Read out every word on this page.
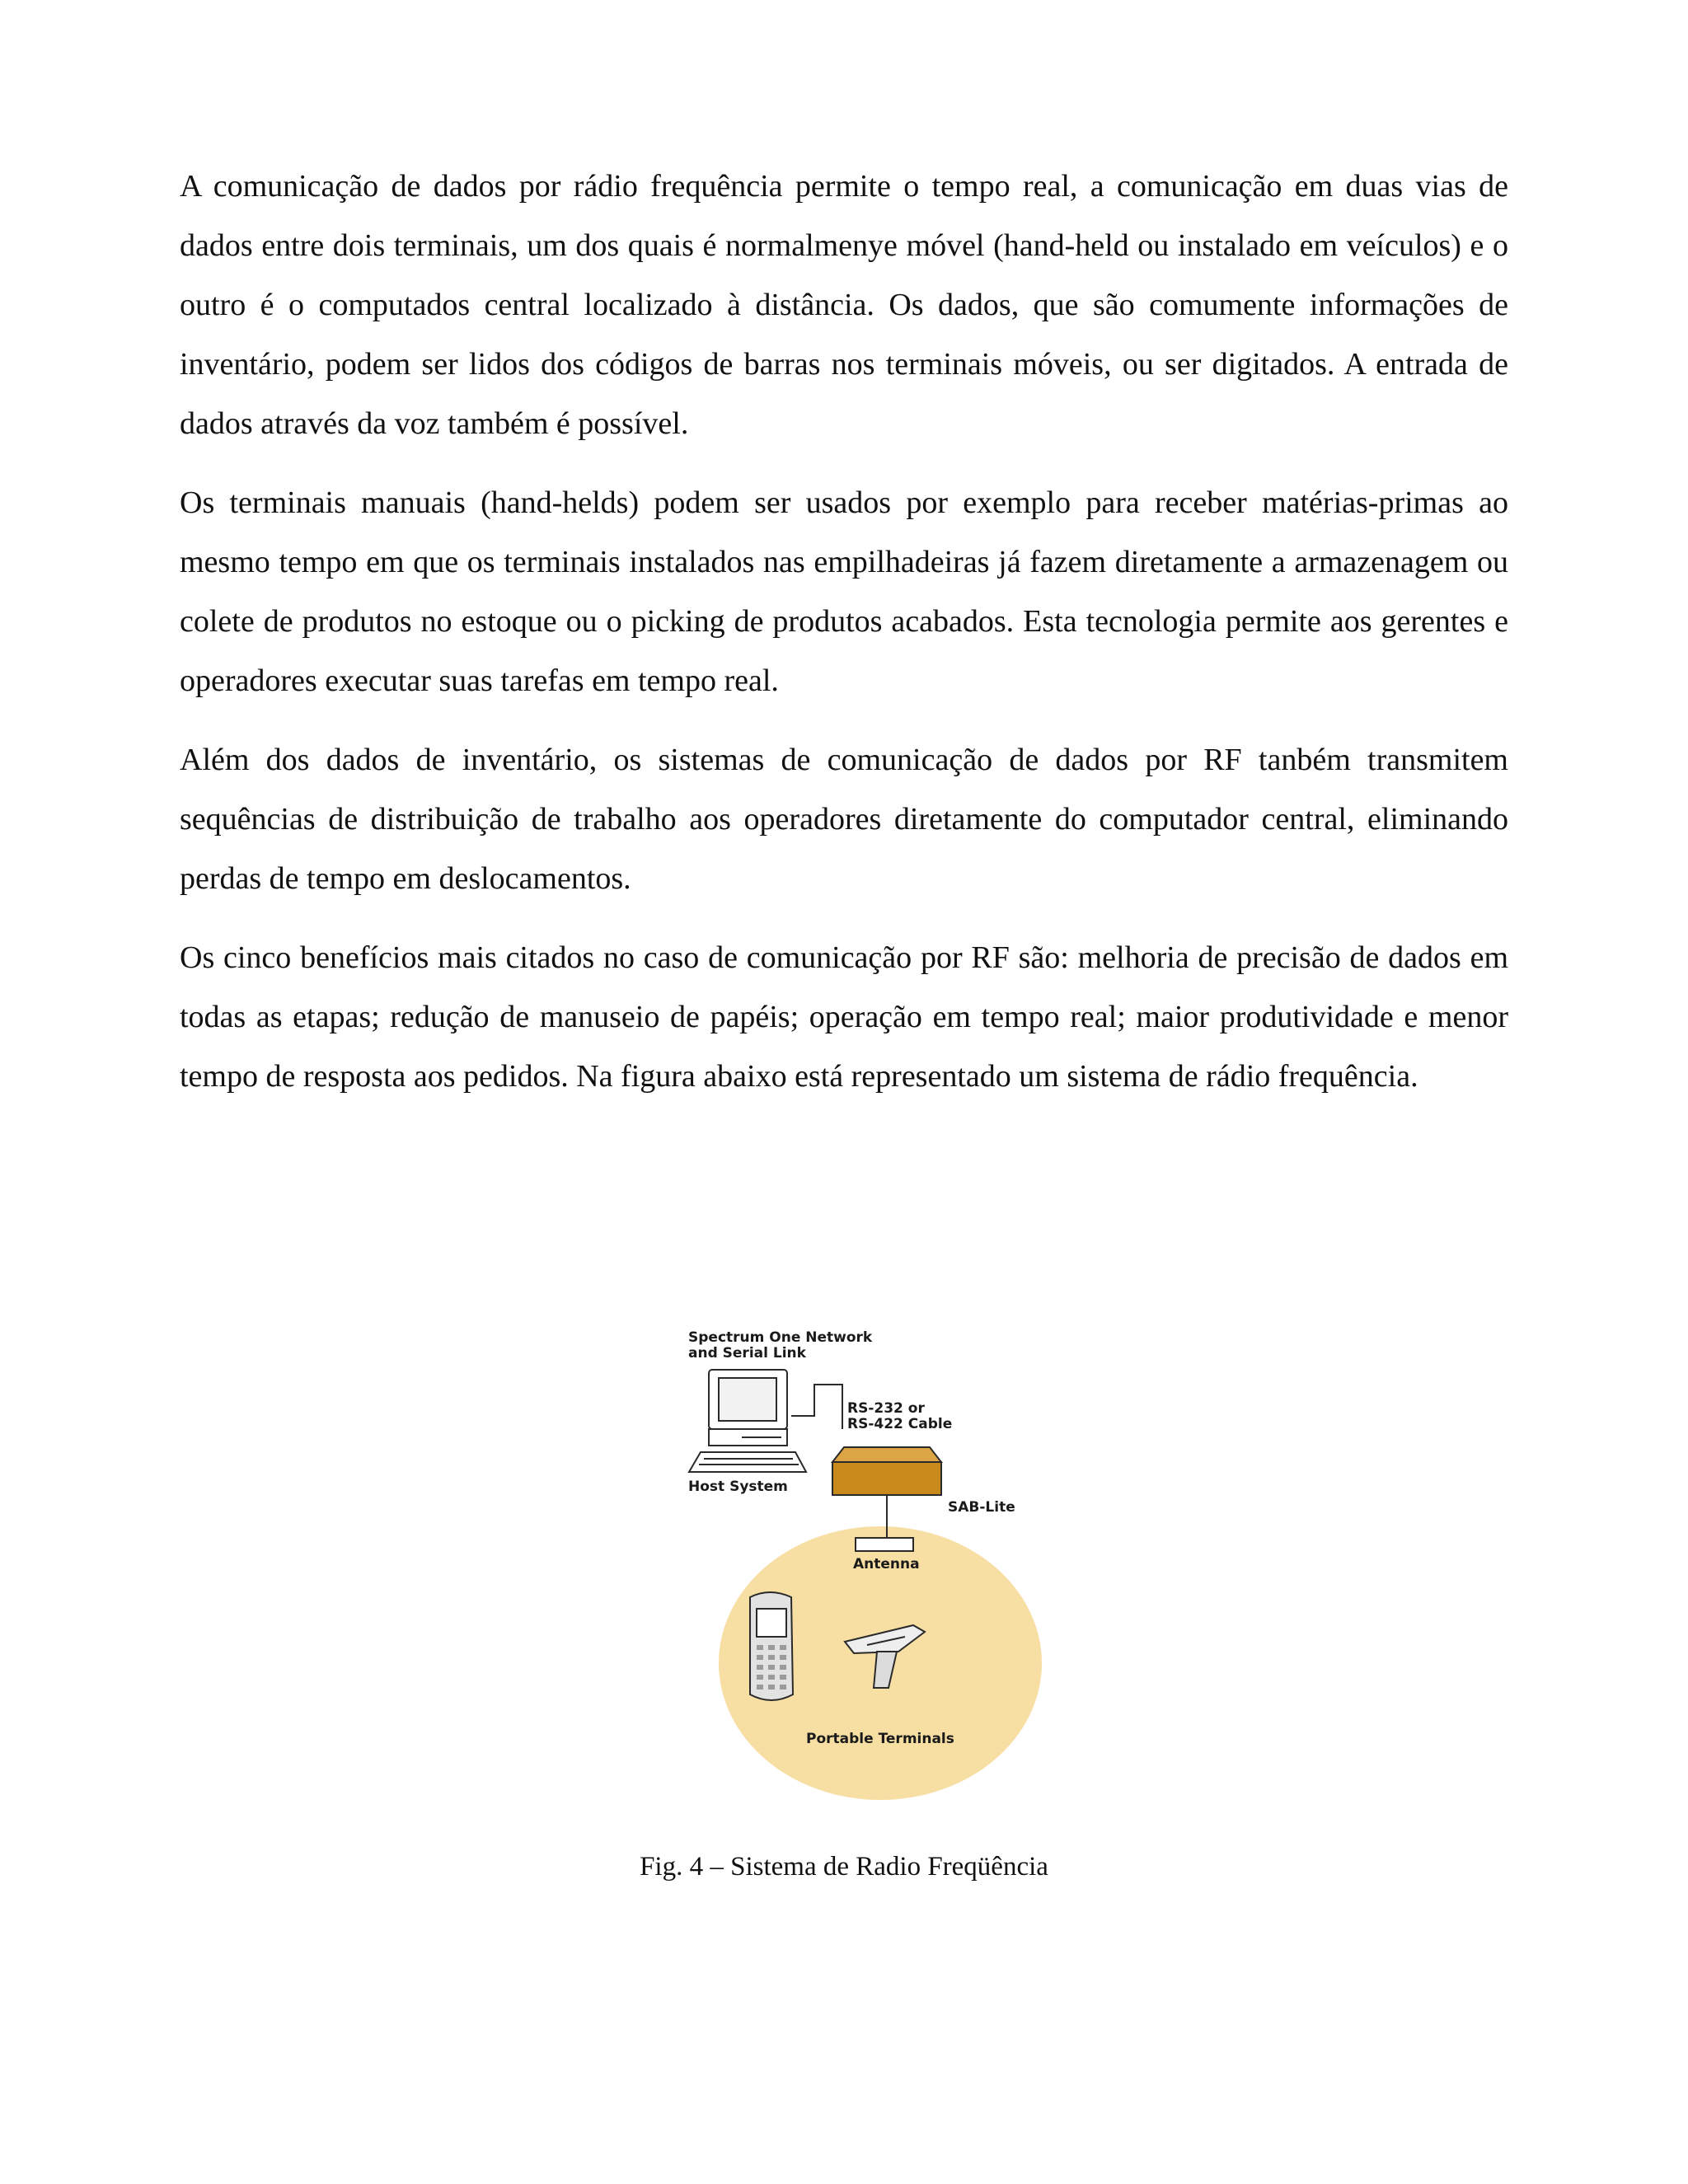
A comunicação de dados por rádio frequência permite o tempo real, a comunicação em duas vias de dados entre dois terminais, um dos quais é normalmenye móvel (hand-held ou instalado em veículos) e o outro é o computados central localizado à distância. Os dados, que são comumente informações de inventário, podem ser lidos dos códigos de barras nos terminais móveis, ou ser digitados. A entrada de dados através da voz também é possível.

Os terminais manuais (hand-helds) podem ser usados por exemplo para receber matérias-primas ao mesmo tempo em que os terminais instalados nas empilhadeiras já fazem diretamente a armazenagem ou colete de produtos no estoque ou o picking de produtos acabados. Esta tecnologia permite aos gerentes e operadores executar suas tarefas em tempo real.

Além dos dados de inventário, os sistemas de comunicação de dados por RF tanbém transmitem sequências de distribuição de trabalho aos operadores diretamente do computador central, eliminando perdas de tempo em deslocamentos.

Os cinco benefícios mais citados no caso de comunicação por RF são: melhoria de precisão de dados em todas as etapas; redução de manuseio de papéis; operação em tempo real; maior produtividade e menor tempo de resposta aos pedidos. Na figura abaixo está representado um sistema de rádio frequência.

Spectrum One Network
and Serial Link
Host System
RS-232 or
RS-422 Cable
SAB-Lite
Antenna
Portable Terminals
Fig. 4 – Sistema de Radio Freqüência
